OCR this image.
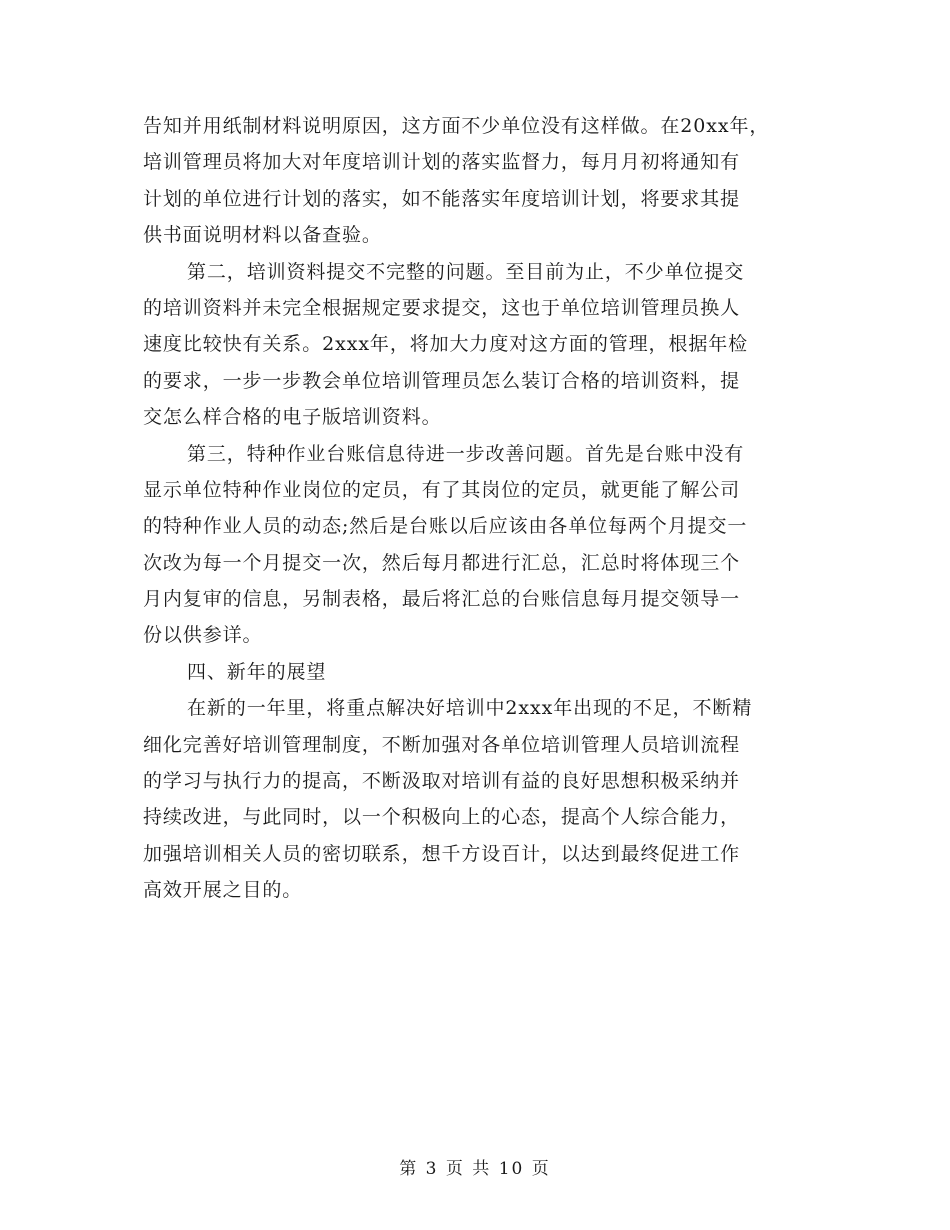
告知并用纸制材料说明原因，这方面不少单位没有这样做。在20xx年，
培训管理员将加大对年度培训计划的落实监督力，每月月初将通知有
计划的单位进行计划的落实，如不能落实年度培训计划，将要求其提
供书面说明材料以备查验。
第二，培训资料提交不完整的问题。至目前为止，不少单位提交
的培训资料并未完全根据规定要求提交，这也于单位培训管理员换人
速度比较快有关系。2xxx年，将加大力度对这方面的管理，根据年检
的要求，一步一步教会单位培训管理员怎么装订合格的培训资料，提
交怎么样合格的电子版培训资料。
第三，特种作业台账信息待进一步改善问题。首先是台账中没有
显示单位特种作业岗位的定员，有了其岗位的定员，就更能了解公司
的特种作业人员的动态;然后是台账以后应该由各单位每两个月提交一
次改为每一个月提交一次，然后每月都进行汇总，汇总时将体现三个
月内复审的信息，另制表格，最后将汇总的台账信息每月提交领导一
份以供参详。
四、新年的展望
在新的一年里，将重点解决好培训中2xxx年出现的不足，不断精
细化完善好培训管理制度，不断加强对各单位培训管理人员培训流程
的学习与执行力的提高，不断汲取对培训有益的良好思想积极采纳并
持续改进，与此同时，以一个积极向上的心态，提高个人综合能力，
加强培训相关人员的密切联系，想千方设百计，以达到最终促进工作
高效开展之目的。
第 3 页 共 10 页
